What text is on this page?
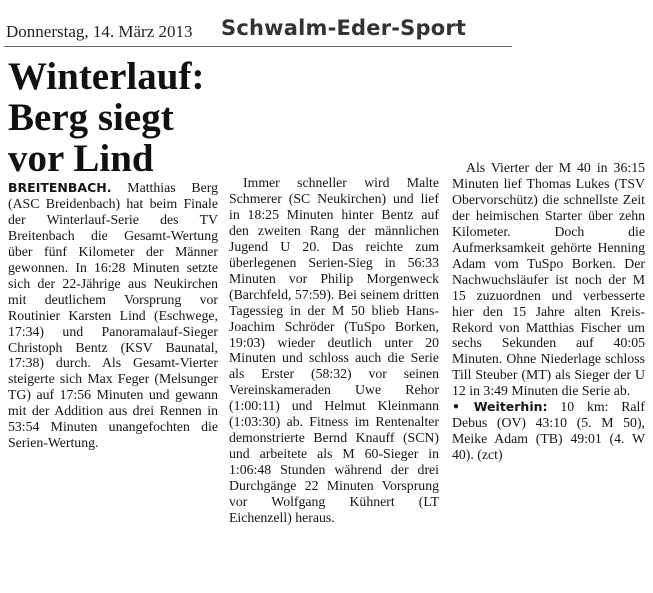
Donnerstag, 14. März 2013 Schwalm-Eder-Sport
Winterlauf:
Berg siegt
vor Lind

BREITENBACH. Matthias Berg (ASC Breidenbach) hat beim Finale der Winterlauf-Serie des TV Breitenbach die Gesamt-Wertung über fünf Kilometer der Männer gewonnen. In 16:28 Minuten setzte sich der 22-Jährige aus Neukirchen mit deutlichem Vorsprung vor Routinier Karsten Lind (Eschwege, 17:34) und Panoramalauf-Sieger Christoph Bentz (KSV Baunatal, 17:38) durch. Als Gesamt-Vierter steigerte sich Max Feger (Melsunger TG) auf 17:56 Minuten und gewann mit der Addition aus drei Rennen in 53:54 Minuten unangefochten die Serien-Wertung.

Immer schneller wird Malte Schmerer (SC Neukirchen) und lief in 18:25 Minuten hinter Bentz auf den zweiten Rang der männlichen Jugend U 20. Das reichte zum überlegenen Serien-Sieg in 56:33 Minuten vor Philip Morgenweck (Barchfeld, 57:59). Bei seinem dritten Tagessieg in der M 50 blieb Hans-Joachim Schröder (TuSpo Borken, 19:03) wieder deutlich unter 20 Minuten und schloss auch die Serie als Erster (58:32) vor seinen Vereinskameraden Uwe Rehor (1:00:11) und Helmut Kleinmann (1:03:30) ab. Fitness im Rentenalter demonstrierte Bernd Knauff (SCN) und arbeitete als M 60-Sieger in 1:06:48 Stunden während der drei Durchgänge 22 Minuten Vorsprung vor Wolfgang Kühnert (LT Eichenzell) heraus.

Als Vierter der M 40 in 36:15 Minuten lief Thomas Lukes (TSV Obervorschütz) die schnellste Zeit der heimischen Starter über zehn Kilometer. Doch die Aufmerksamkeit gehörte Henning Adam vom TuSpo Borken. Der Nachwuchsläufer ist noch der M 15 zuzuordnen und verbesserte hier den 15 Jahre alten Kreis-Rekord von Matthias Fischer um sechs Sekunden auf 40:05 Minuten. Ohne Niederlage schloss Till Steuber (MT) als Sieger der U 12 in 3:49 Minuten die Serie ab.

• Weiterhin: 10 km: Ralf Debus (OV) 43:10 (5. M 50), Meike Adam (TB) 49:01 (4. W 40). (zct)
